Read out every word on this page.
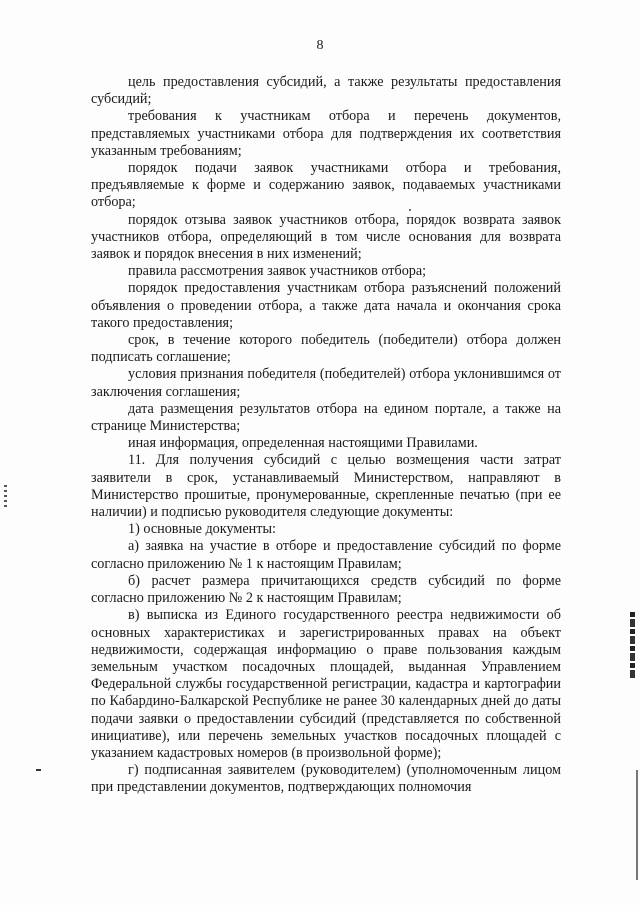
8

цель предоставления субсидий, а также результаты предоставления субсидий;

требования к участникам отбора и перечень документов, представляемых участниками отбора для подтверждения их соответствия указанным требованиям;

порядок подачи заявок участниками отбора и требования, предъявляемые к форме и содержанию заявок, подаваемых участниками отбора;

порядок отзыва заявок участников отбора, порядок возврата заявок участников отбора, определяющий в том числе основания для возврата заявок и порядок внесения в них изменений;

правила рассмотрения заявок участников отбора;

порядок предоставления участникам отбора разъяснений положений объявления о проведении отбора, а также дата начала и окончания срока такого предоставления;

срок, в течение которого победитель (победители) отбора должен подписать соглашение;

условия признания победителя (победителей) отбора уклонившимся от заключения соглашения;

дата размещения результатов отбора на едином портале, а также на странице Министерства;

иная информация, определенная настоящими Правилами.

11. Для получения субсидий с целью возмещения части затрат заявители в срок, устанавливаемый Министерством, направляют в Министерство прошитые, пронумерованные, скрепленные печатью (при ее наличии) и подписью руководителя следующие документы:

1) основные документы:

а) заявка на участие в отборе и предоставление субсидий по форме согласно приложению № 1 к настоящим Правилам;

б) расчет размера причитающихся средств субсидий по форме согласно приложению № 2 к настоящим Правилам;

в) выписка из Единого государственного реестра недвижимости об основных характеристиках и зарегистрированных правах на объект недвижимости, содержащая информацию о праве пользования каждым земельным участком посадочных площадей, выданная Управлением Федеральной службы государственной регистрации, кадастра и картографии по Кабардино-Балкарской Республике не ранее 30 календарных дней до даты подачи заявки о предоставлении субсидий (представляется по собственной инициативе), или перечень земельных участков посадочных площадей с указанием кадастровых номеров (в произвольной форме);

г) подписанная заявителем (руководителем) (уполномоченным лицом при представлении документов, подтверждающих полномочия
